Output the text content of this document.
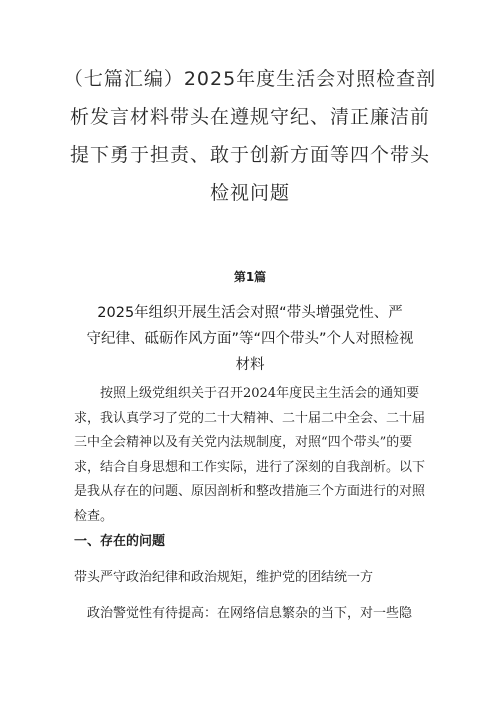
（七篇汇编）2025年度生活会对照检查剖
析发言材料带头在遵规守纪、清正廉洁前
提下勇于担责、敢于创新方面等四个带头
检视问题
第1篇
2025年组织开展生活会对照“带头增强党性、严
守纪律、砥砺作风方面”等“四个带头”个人对照检视
材料
　　按照上级党组织关于召开2024年度民主生活会的通知要
求，我认真学习了党的二十大精神、二十届二中全会、二十届
三中全会精神以及有关党内法规制度，对照“四个带头”的要
求，结合自身思想和工作实际，进行了深刻的自我剖析。以下
是我从存在的问题、原因剖析和整改措施三个方面进行的对照
检查。
一、存在的问题
带头严守政治纪律和政治规矩，维护党的团结统一方
　政治警觉性有待提高：在网络信息繁杂的当下，对一些隐
